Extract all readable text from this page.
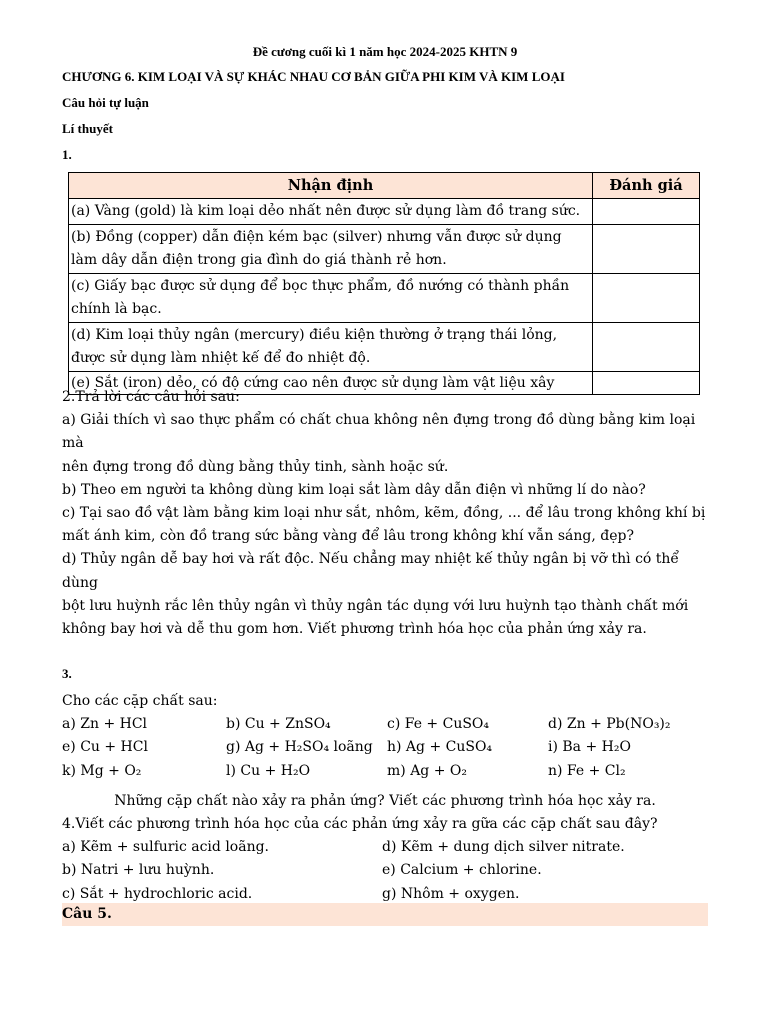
Đề cương cuối kì 1 năm học 2024-2025 KHTN 9
CHƯƠNG 6. KIM LOẠI VÀ SỰ KHÁC NHAU CƠ BẢN GIỮA PHI KIM VÀ KIM LOẠI
Câu hỏi tự luận
Lí thuyết
1.
Nhận định	Đánh giá
(a) Vàng (gold) là kim loại dẻo nhất nên được sử dụng làm đồ trang sức.	
(b) Đồng (copper) dẫn điện kém bạc (silver) nhưng vẫn được sử dụng làm dây dẫn điện trong gia đình do giá thành rẻ hơn.	
(c) Giấy bạc được sử dụng để bọc thực phẩm, đồ nướng có thành phần chính là bạc.	
(d) Kim loại thủy ngân (mercury) điều kiện thường ở trạng thái lỏng, được sử dụng làm nhiệt kế để đo nhiệt độ.	
(e) Sắt (iron) dẻo, có độ cứng cao nên được sử dụng làm vật liệu xây	
2.Trả lời các câu hỏi sau:
a) Giải thích vì sao thực phẩm có chất chua không nên đựng trong đồ dùng bằng kim loại mà
nên đựng trong đồ dùng bằng thủy tinh, sành hoặc sứ.
b) Theo em người ta không dùng kim loại sắt làm dây dẫn điện vì những lí do nào?
c) Tại sao đồ vật làm bằng kim loại như sắt, nhôm, kẽm, đồng, ... để lâu trong không khí bị
mất ánh kim, còn đồ trang sức bằng vàng để lâu trong không khí vẫn sáng, đẹp?
d) Thủy ngân dễ bay hơi và rất độc. Nếu chẳng may nhiệt kế thủy ngân bị vỡ thì có thể dùng
bột lưu huỳnh rắc lên thủy ngân vì thủy ngân tác dụng với lưu huỳnh tạo thành chất mới
không bay hơi và dễ thu gom hơn. Viết phương trình hóa học của phản ứng xảy ra.
3.
Cho các cặp chất sau:
a) Zn + HCl	b) Cu + ZnSO₄	c) Fe + CuSO₄	d) Zn + Pb(NO₃)₂
e) Cu + HCl	g) Ag + H₂SO₄ loãng	h) Ag + CuSO₄	i) Ba + H₂O
k) Mg + O₂	l) Cu + H₂O	m) Ag + O₂	n) Fe + Cl₂
Những cặp chất nào xảy ra phản ứng? Viết các phương trình hóa học xảy ra.
4.Viết các phương trình hóa học của các phản ứng xảy ra gữa các cặp chất sau đây?
a) Kẽm + sulfuric acid loãng.	d) Kẽm + dung dịch silver nitrate.
b) Natri + lưu huỳnh.	e) Calcium + chlorine.
c) Sắt + hydrochloric acid.	g) Nhôm + oxygen.
Câu 5.
